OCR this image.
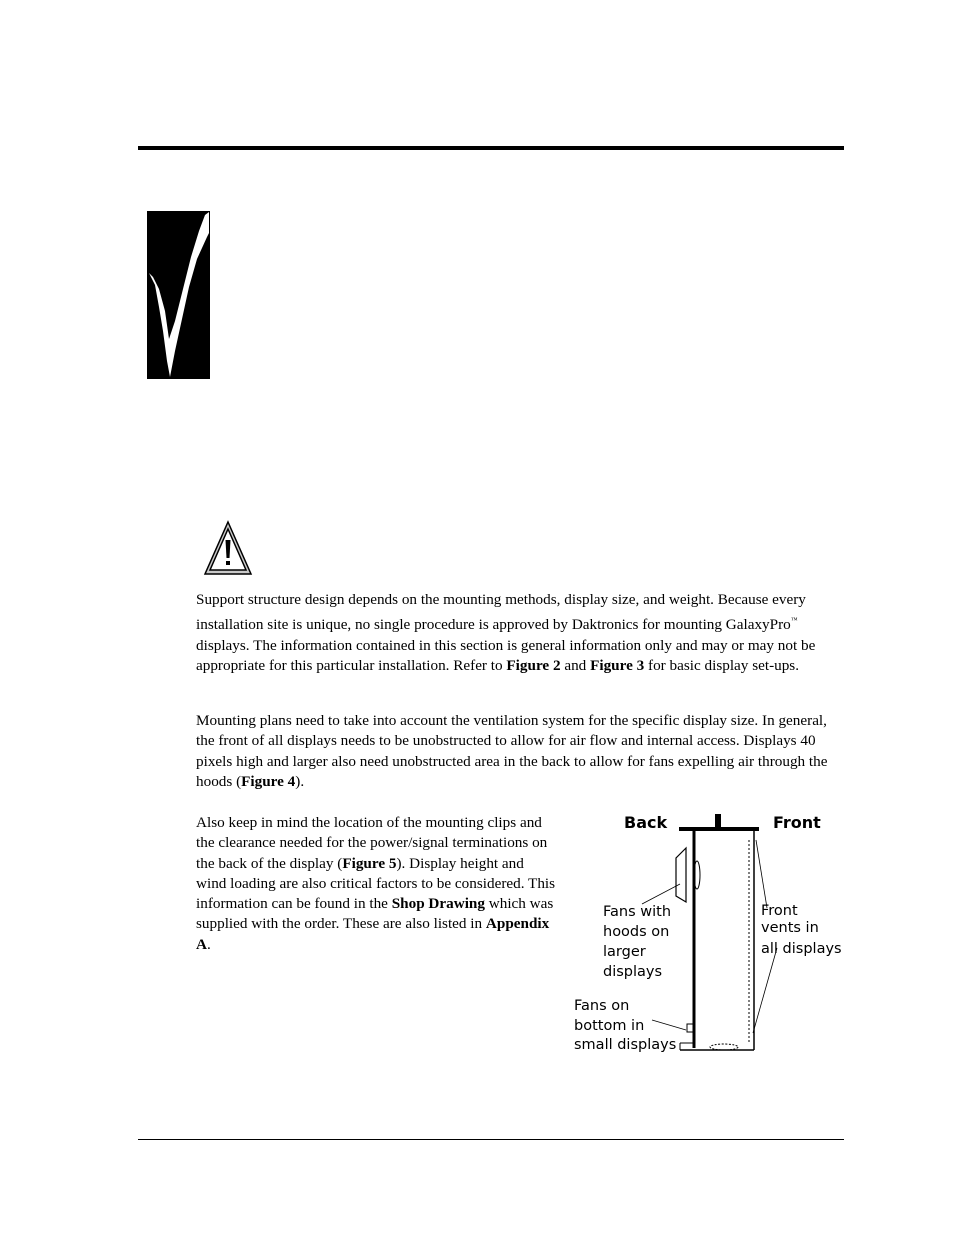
Support structure design depends on the mounting methods, display size, and weight. Because every installation site is unique, no single procedure is approved by Daktronics for mounting GalaxyPro™ displays. The information contained in this section is general information only and may or may not be appropriate for this particular installation. Refer to Figure 2 and Figure 3 for basic display set-ups.

Mounting plans need to take into account the ventilation system for the specific display size. In general, the front of all displays needs to be unobstructed to allow for air flow and internal access. Displays 40 pixels high and larger also need unobstructed area in the back to allow for fans expelling air through the hoods (Figure 4).

Also keep in mind the location of the mounting clips and the clearance needed for the power/signal terminations on the back of the display (Figure 5). Display height and wind loading are also critical factors to be considered. This information can be found in the Shop Drawing which was supplied with the order. These are also listed in Appendix A.

Back	Front
Fans with
hoods on
larger
displays
Front
vents in
all displays
Fans on
bottom in
small displays
